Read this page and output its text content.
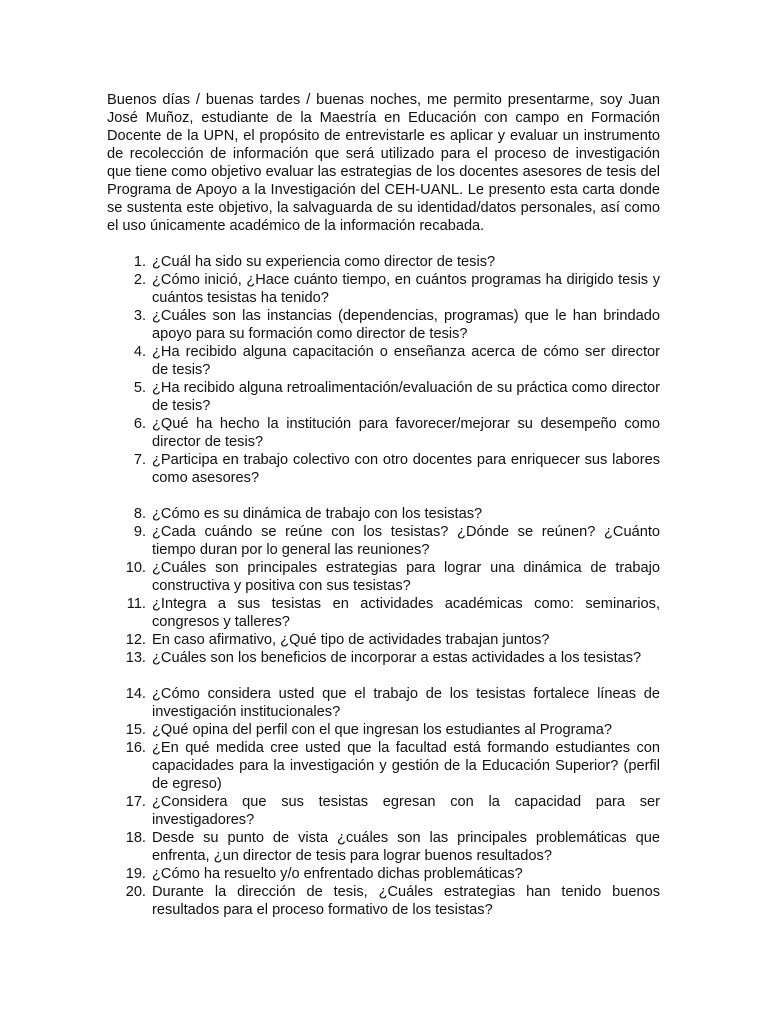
Buenos días / buenas tardes / buenas noches, me permito presentarme, soy Juan José Muñoz, estudiante de la Maestría en Educación con campo en Formación Docente de la UPN, el propósito de entrevistarle es aplicar y evaluar un instrumento de recolección de información que será utilizado para el proceso de investigación que tiene como objetivo evaluar las estrategias de los docentes asesores de tesis del Programa de Apoyo a la Investigación del CEH-UANL. Le presento esta carta donde se sustenta este objetivo, la salvaguarda de su identidad/datos personales, así como el uso únicamente académico de la información recabada.

1. ¿Cuál ha sido su experiencia como director de tesis?

2. ¿Cómo inició, ¿Hace cuánto tiempo, en cuántos programas ha dirigido tesis y cuántos tesistas ha tenido?

3. ¿Cuáles son las instancias (dependencias, programas) que le han brindado apoyo para su formación como director de tesis?

4. ¿Ha recibido alguna capacitación o enseñanza acerca de cómo ser director de tesis?

5. ¿Ha recibido alguna retroalimentación/evaluación de su práctica como director de tesis?

6. ¿Qué ha hecho la institución para favorecer/mejorar su desempeño como director de tesis?

7. ¿Participa en trabajo colectivo con otro docentes para enriquecer sus labores como asesores?

8. ¿Cómo es su dinámica de trabajo con los tesistas?

9. ¿Cada cuándo se reúne con los tesistas? ¿Dónde se reúnen? ¿Cuánto tiempo duran por lo general las reuniones?

10. ¿Cuáles son principales estrategias para lograr una dinámica de trabajo constructiva y positiva con sus tesistas?

11. ¿Integra a sus tesistas en actividades académicas como: seminarios, congresos y talleres?

12. En caso afirmativo, ¿Qué tipo de actividades trabajan juntos?

13. ¿Cuáles son los beneficios de incorporar a estas actividades a los tesistas?

14. ¿Cómo considera usted que el trabajo de los tesistas fortalece líneas de investigación institucionales?

15. ¿Qué opina del perfil con el que ingresan los estudiantes al Programa?

16. ¿En qué medida cree usted que la facultad está formando estudiantes con capacidades para la investigación y gestión de la Educación Superior? (perfil de egreso)

17. ¿Considera que sus tesistas egresan con la capacidad para ser investigadores?

18. Desde su punto de vista ¿cuáles son las principales problemáticas que enfrenta, ¿un director de tesis para lograr buenos resultados?

19. ¿Cómo ha resuelto y/o enfrentado dichas problemáticas?

20. Durante la dirección de tesis, ¿Cuáles estrategias han tenido buenos resultados para el proceso formativo de los tesistas?
